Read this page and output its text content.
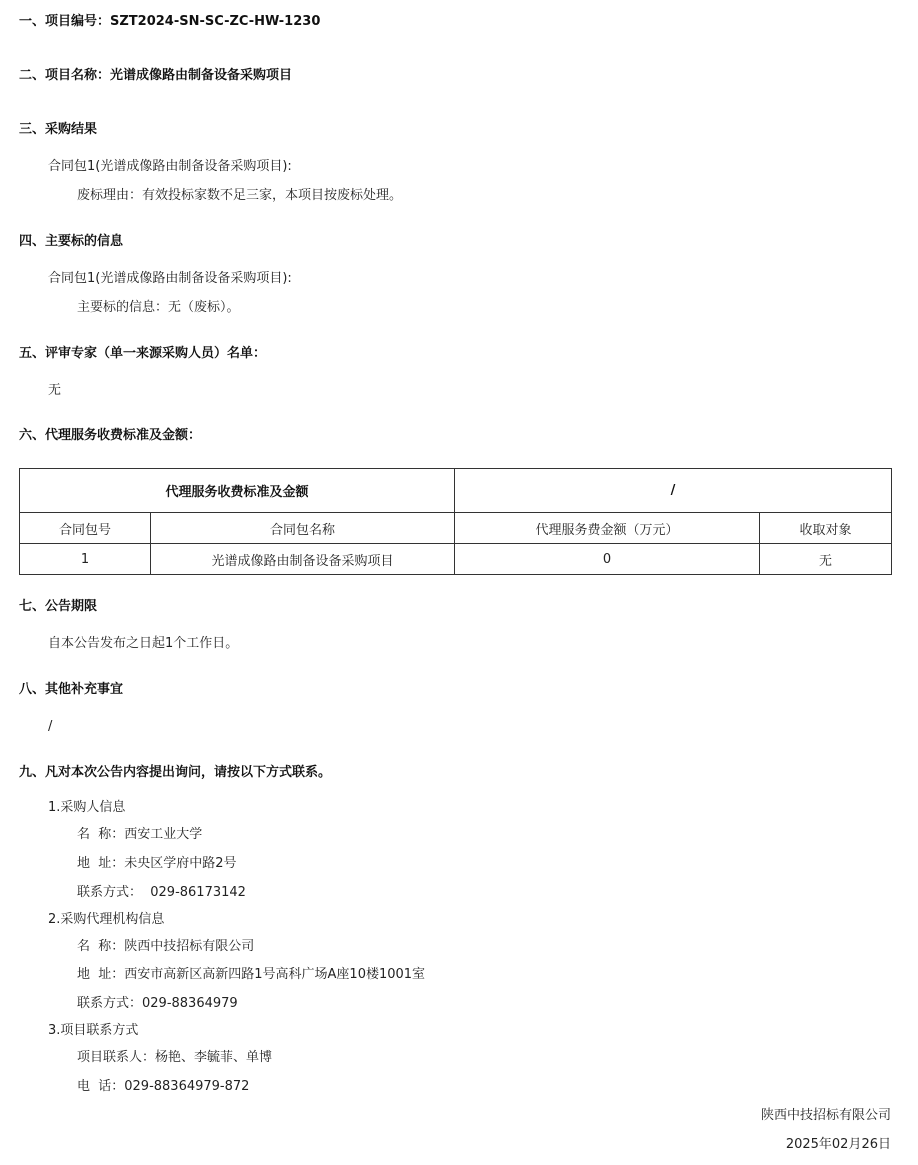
一、项目编号：SZT2024-SN-SC-ZC-HW-1230
二、项目名称：光谱成像路由制备设备采购项目
三、采购结果
合同包1(光谱成像路由制备设备采购项目):
废标理由：有效投标家数不足三家，本项目按废标处理。
四、主要标的信息
合同包1(光谱成像路由制备设备采购项目):
主要标的信息：无（废标）。
五、评审专家（单一来源采购人员）名单：
无
六、代理服务收费标准及金额：
代理服务收费标准及金额		/	
合同包号	合同包名称	代理服务费金额（万元）	收取对象
1	光谱成像路由制备设备采购项目	0	无
七、公告期限
自本公告发布之日起1个工作日。
八、其他补充事宜
/
九、凡对本次公告内容提出询问，请按以下方式联系。
1.采购人信息
名  称：西安工业大学
地  址：未央区学府中路2号
联系方式：  029-86173142
2.采购代理机构信息
名  称：陕西中技招标有限公司
地  址：西安市高新区高新四路1号高科广场A座10楼1001室
联系方式：029-88364979
3.项目联系方式
项目联系人：杨艳、李毓菲、单博
电  话：029-88364979-872
陕西中技招标有限公司
2025年02月26日
